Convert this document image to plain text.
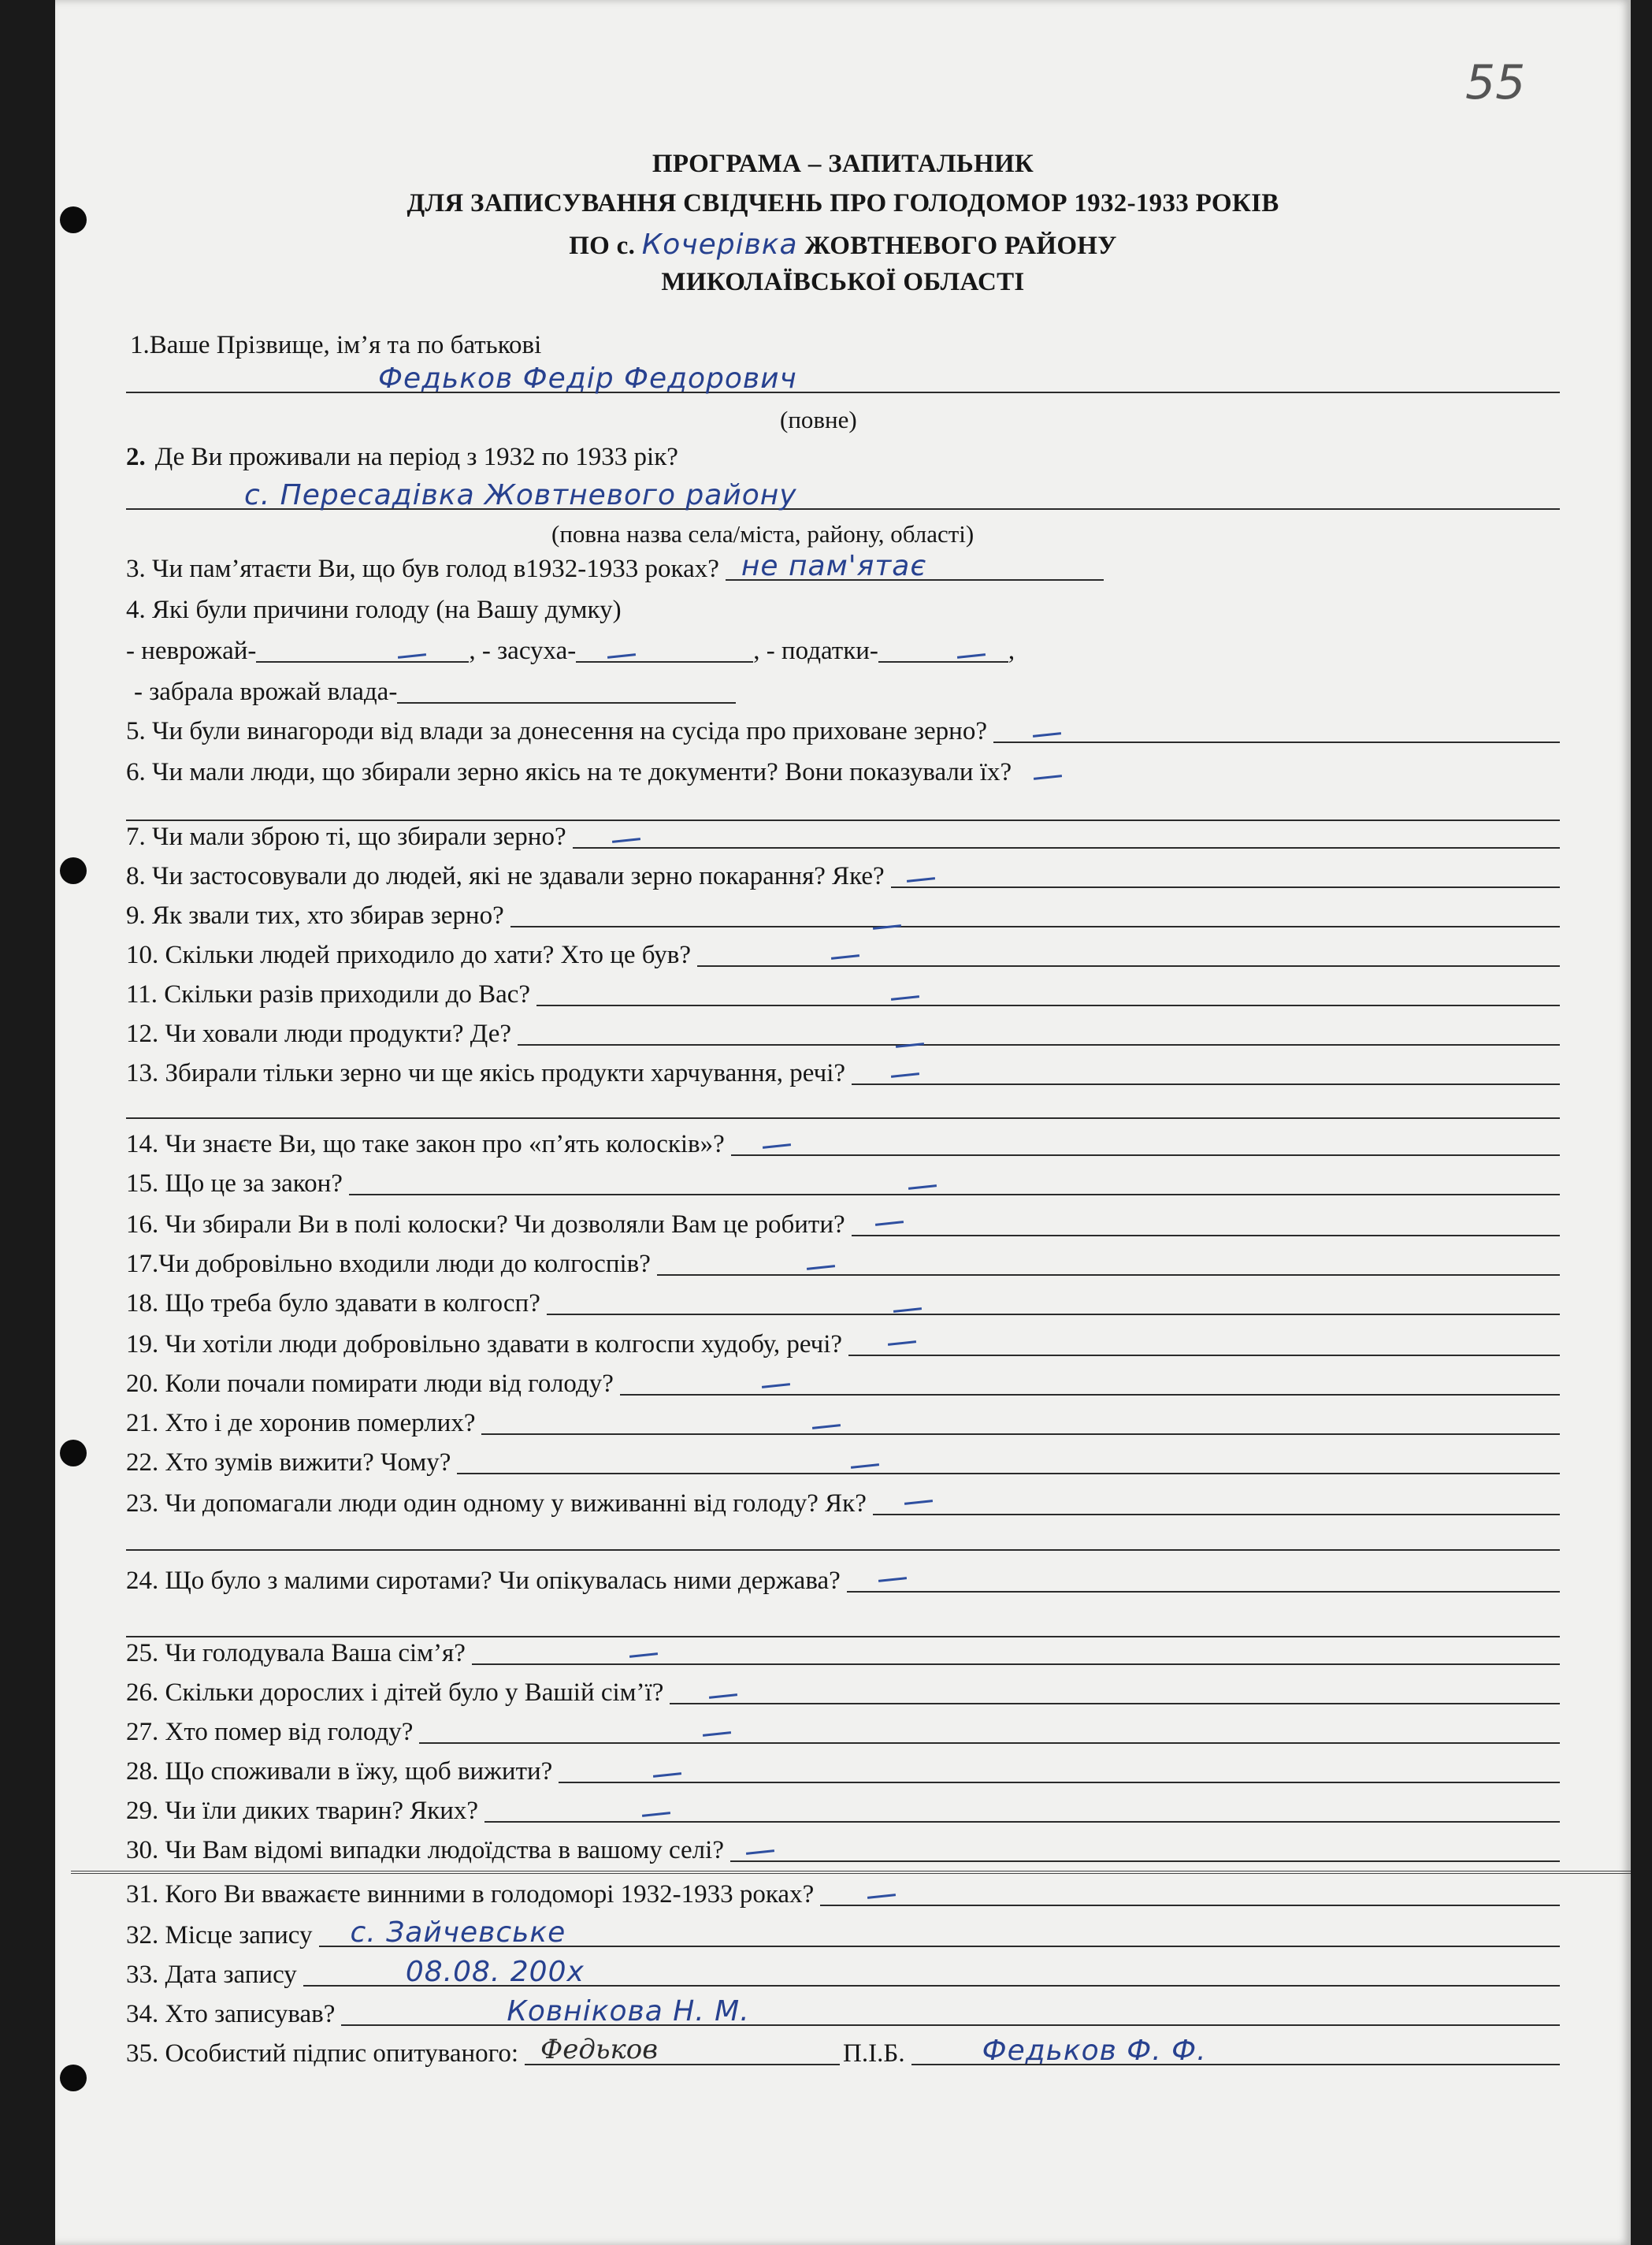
55
ПРОГРАМА – ЗАПИТАЛЬНИК
ДЛЯ ЗАПИСУВАННЯ СВІДЧЕНЬ ПРО ГОЛОДОМОР 1932-1933 РОКІВ
ПО с. Кочерівка ЖОВТНЕВОГО РАЙОНУ
МИКОЛАЇВСЬКОЇ ОБЛАСТІ
1.Ваше Прізвище, ім’я та по батькові
Федьков Федір Федорович
(повне)
2. Де Ви проживали на період з 1932 по 1933 рік?
с. Пересадівка Жовтневого району
(повна назва села/міста, району, області)
3. Чи пам’ятаєти Ви, що був голод в1932-1933 роках? не пам'ятає
4. Які були причини голоду (на Вашу думку)
- неврожай-	, - засуха-	, - податки-	,
- забрала врожай влада-
5. Чи були винагороди від влади за донесення на сусіда про приховане зерно?
6. Чи мали люди, що збирали зерно якісь на те документи? Вони показували їх?
7. Чи мали зброю ті, що збирали зерно?
8. Чи застосовували до людей, які не здавали зерно покарання? Яке?
9. Як звали тих, хто збирав зерно?
10. Скільки людей приходило до хати? Хто це був?
11. Скільки разів приходили до Вас?
12. Чи ховали люди продукти? Де?
13. Збирали тільки зерно чи ще якісь продукти харчування, речі?
14. Чи знаєте Ви, що таке закон про «п’ять колосків»?
15. Що це за закон?
16. Чи збирали Ви в полі колоски? Чи дозволяли Вам це робити?
17.Чи добровільно входили люди до колгоспів?
18. Що треба було здавати в колгосп?
19. Чи хотіли люди добровільно здавати в колгоспи худобу, речі?
20. Коли почали помирати люди від голоду?
21. Хто і де хоронив померлих?
22. Хто зумів вижити? Чому?
23. Чи допомагали люди один одному у виживанні від голоду? Як?
24. Що було з малими сиротами? Чи опікувалась ними держава?
25. Чи голодувала Ваша сім’я?
26. Скільки дорослих і дітей було у Вашій сім’ї?
27. Хто помер від голоду?
28. Що споживали в їжу, щоб вижити?
29. Чи їли диких тварин? Яких?
30. Чи Вам відомі випадки людоїдства в вашому селі?
31. Кого Ви вважаєте винними в голодоморі 1932-1933 роках?
32. Місце запису с. Зайчевське
33. Дата запису	08.08. 200х
34. Хто записував?	Ковнікова Н. М.
35. Особистий підпис опитуваного: Федьков	П.І.Б.	Федьков Ф. Ф.
